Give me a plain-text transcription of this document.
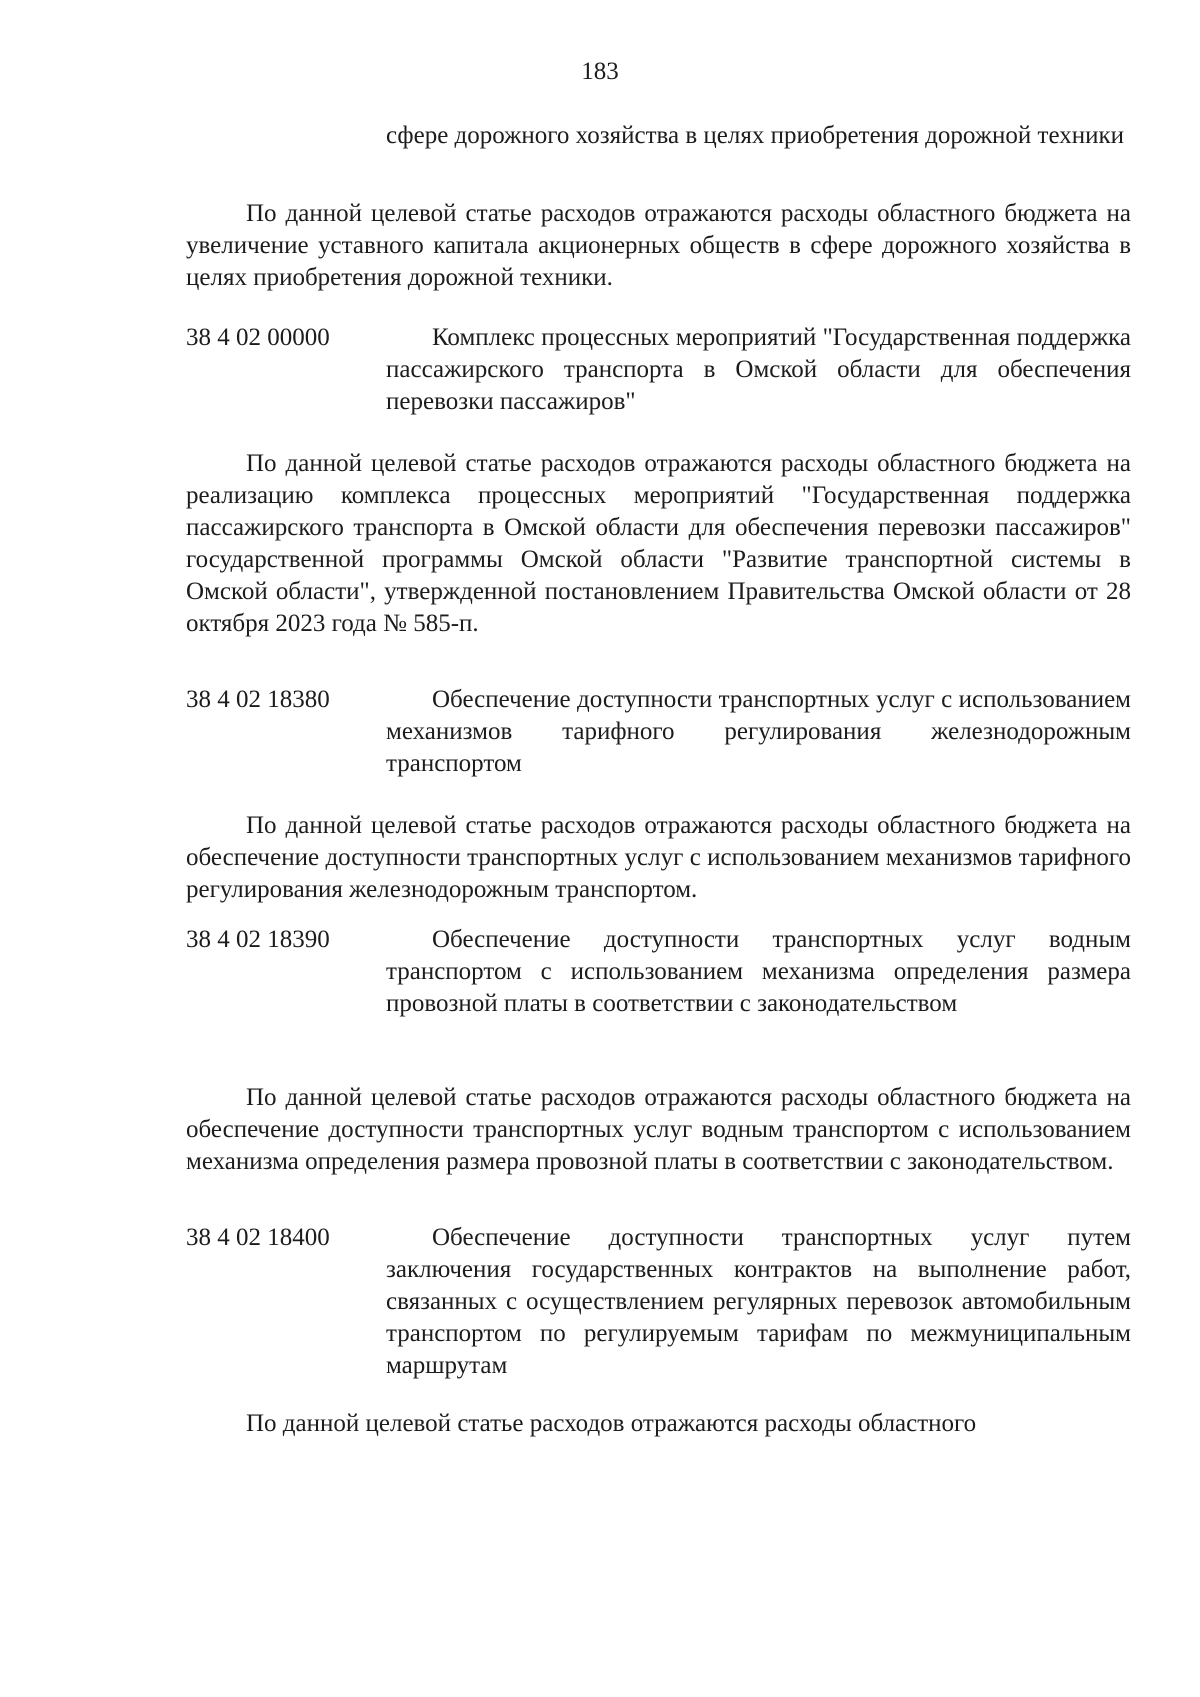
183
сфере дорожного хозяйства в целях приобретения дорожной техники
По данной целевой статье расходов отражаются расходы областного бюджета на увеличение уставного капитала акционерных обществ в сфере дорожного хозяйства в целях приобретения дорожной техники.
38 4 02 00000	Комплекс процессных мероприятий "Государственная поддержка пассажирского транспорта в Омской области для обеспечения перевозки пассажиров"
По данной целевой статье расходов отражаются расходы областного бюджета на реализацию комплекса процессных мероприятий "Государственная поддержка пассажирского транспорта в Омской области для обеспечения перевозки пассажиров" государственной программы Омской области "Развитие транспортной системы в Омской области", утвержденной постановлением Правительства Омской области от 28 октября 2023 года № 585-п.
38 4 02 18380	Обеспечение доступности транспортных услуг с использованием механизмов тарифного регулирования железнодорожным транспортом
По данной целевой статье расходов отражаются расходы областного бюджета на обеспечение доступности транспортных услуг с использованием механизмов тарифного регулирования железнодорожным транспортом.
38 4 02 18390	Обеспечение доступности транспортных услуг водным транспортом с использованием механизма определения размера провозной платы в соответствии с законодательством
По данной целевой статье расходов отражаются расходы областного бюджета на обеспечение доступности транспортных услуг водным транспортом с использованием механизма определения размера провозной платы в соответствии с законодательством.
38 4 02 18400	Обеспечение доступности транспортных услуг путем заключения государственных контрактов на выполнение работ, связанных с осуществлением регулярных перевозок автомобильным транспортом по регулируемым тарифам по межмуниципальным маршрутам
По данной целевой статье расходов отражаются расходы областного
